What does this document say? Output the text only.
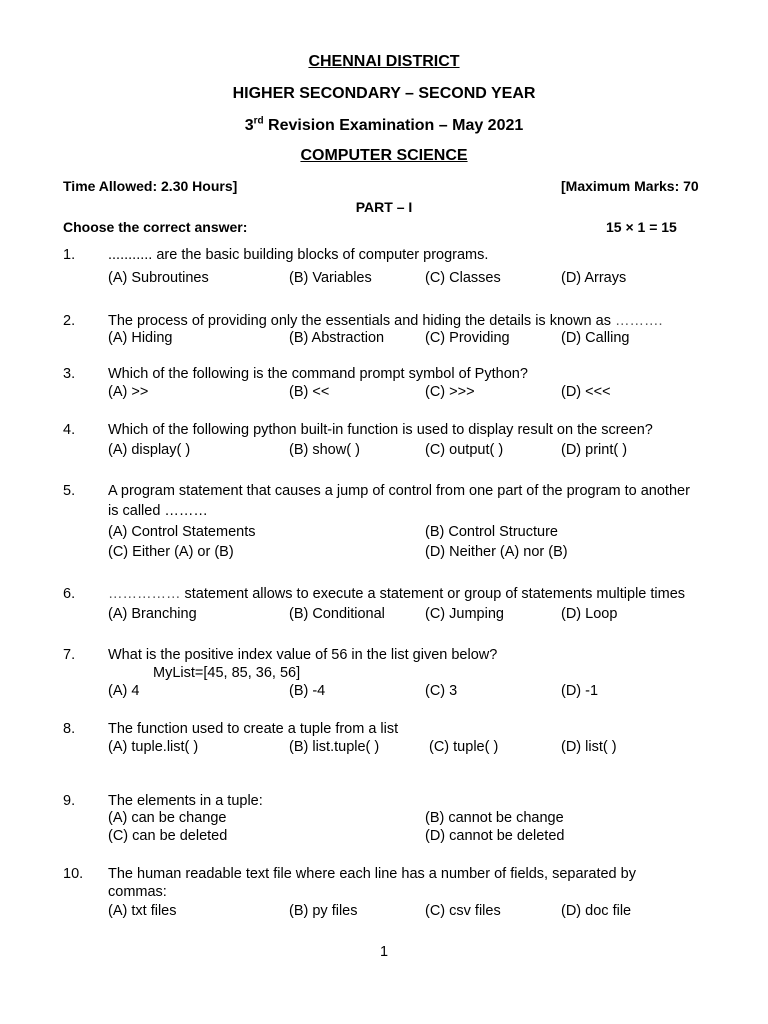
CHENNAI DISTRICT
HIGHER SECONDARY – SECOND YEAR
3rd Revision Examination – May 2021
COMPUTER SCIENCE
Time Allowed: 2.30 Hours]	[Maximum Marks: 70
PART – I
Choose the correct answer:	15 × 1 = 15
1. ........... are the basic building blocks of computer programs.
(A) Subroutines	(B) Variables	(C) Classes	(D) Arrays
2. The process of providing only the essentials and hiding the details is known as ……….
(A) Hiding	(B) Abstraction	(C) Providing	(D) Calling
3. Which of the following is the command prompt symbol of Python?
(A) >>	(B) <<	(C) >>>	(D) <<<
4. Which of the following python built-in function is used to display result on the screen?
(A) display( )	(B) show( )	(C) output( )	(D) print( )
5. A program statement that causes a jump of control from one part of the program to another
is called ………
(A) Control Statements	(B) Control Structure
(C) Either (A) or (B)	(D) Neither (A) nor (B)
6. …………… statement allows to execute a statement or group of statements multiple times
(A) Branching	(B) Conditional	(C) Jumping	(D) Loop
7. What is the positive index value of 56 in the list given below?
MyList=[45, 85, 36, 56]
(A) 4	(B) -4	(C) 3	(D) -1
8. The function used to create a tuple from a list
(A) tuple.list( )	(B) list.tuple( )	(C) tuple( )	(D) list( )
9. The elements in a tuple:
(A) can be change	(B) cannot be change
(C) can be deleted	(D) cannot be deleted
10. The human readable text file where each line has a number of fields, separated by
commas:
(A) txt files	(B) py files	(C) csv files	(D) doc file
1
